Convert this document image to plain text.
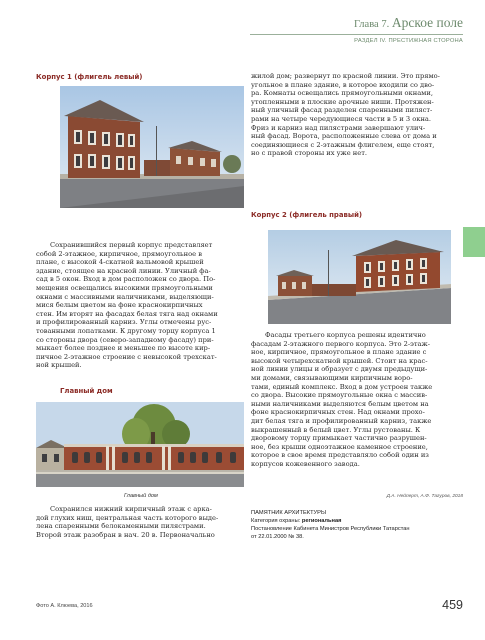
Глава 7. Арское поле
РАЗДЕЛ IV. ПРЕСТИЖНАЯ СТОРОНА
Корпус 1 (флигель левый)
Сохранившийся первый корпус представляет
собой 2-этажное, кирпичное, прямоугольное в
плане, с высокой 4-скатной вальмовой крышей
здание, стоящее на красной линии. Уличный фа-
сад в 5 окон. Вход в дом расположен со двора. По-
мещения освещались высокими прямоугольными
окнами с массивными наличниками, выделяющи-
мися белым цветом на фоне краснокирпичных
стен. Им вторят на фасадах белая тяга над окнами
и профилированный карниз. Углы отмечены рус-
тованными лопатками. К другому торцу корпуса 1
со стороны двора (северо-западному фасаду) при-
мыкает более позднее и меньшее по высоте кир-
пичное 2-этажное строение с невысокой трехскат-
ной крышей.
Главный дом
Главный дом
Сохранился нижний кирпичный этаж с арка-
дой глухих ниш, центральная часть которого выде-
лена спаренными белокаменными пилястрами.
Второй этаж разобран в нач. 20 в. Первоначально
жилой дом; развернут по красной линии. Это прямо-
угольное в плане здание, в которое входили со дво-
ра. Комнаты освещались прямоугольными окнами,
утопленными в плоские арочные ниши. Протяжен-
ный уличный фасад разделен спаренными пиляст-
рами на четыре чередующиеся части в 5 и 3 окна.
Фриз и карниз над пилястрами завершают улич-
ный фасад. Ворота, расположенные слева от дома и
соединяющиеся с 2-этажным флигелем, еще стоят,
но с правой стороны их уже нет.
Корпус 2 (флигель правый)
Фасады третьего корпуса решены идентично
фасадам 2-этажного первого корпуса. Это 2-этаж-
ное, кирпичное, прямоугольное в плане здание с
высокой четырехскатной крышей. Стоит на крас-
ной линии улицы и образует с двумя предыдущи-
ми домами, связывающими кирпичным воро-
тами, единый комплекс. Вход в дом устроен также
со двора. Высокие прямоугольные окна с массив-
ными наличниками выделяются белым цветом на
фоне краснокирпичных стен. Над окнами прохо-
дит белая тяга и профилированный карниз, также
выкрашенный в белый цвет. Углы рустованы. К
дворовому торцу примыкает частично разрушен-
ное, без крыши одноэтажное каменное строение,
которое в свое время представляло собой один из
корпусов кожевенного завода.
Д.А. Нейперт, А.Ф. Тагуров, 2018
ПАМЯТНИК АРХИТЕКТУРЫ
Категория охраны: региональная
Постановление Кабинета Министров Республики Татарстан
от 22.01.2000 № 38.
Фото А. Клюева, 2016	459
